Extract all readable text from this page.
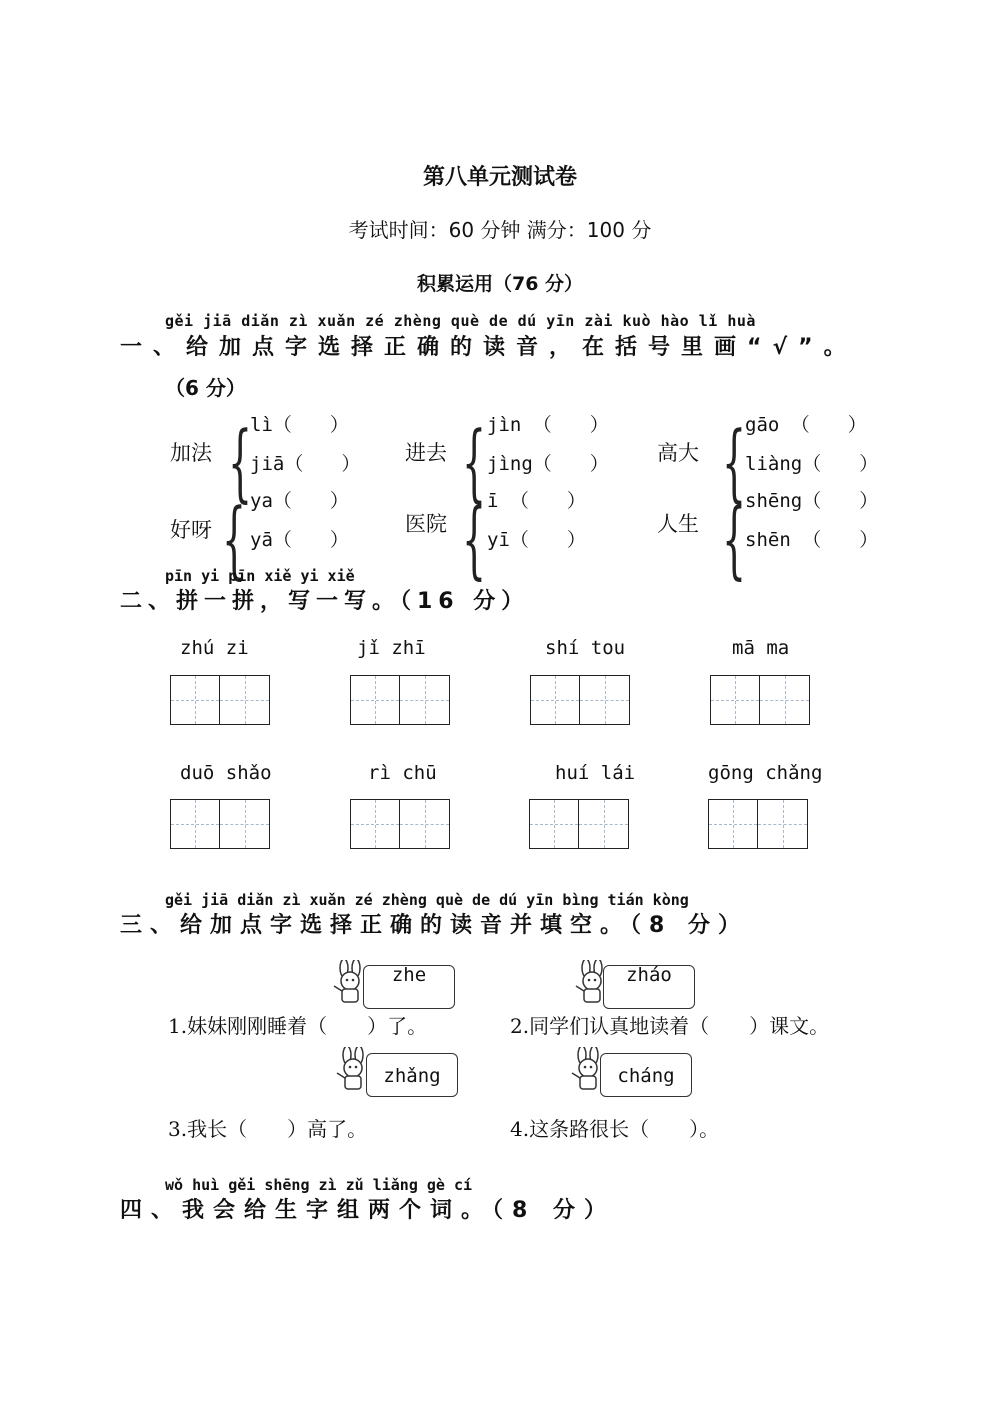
第八单元测试卷
考试时间：60 分钟 满分：100 分
积累运用（76 分）
gěi jiā diǎn zì xuǎn zé zhèng què de dú yīn zài kuò hào lǐ huà
一、给加点字选择正确的读音，在括号里画“√”。
（6 分）
加法
好呀
{
{
lì（　　）
jiā（　　）
ya（　　）
yā（　　）
进去
医院
{
{
jìn （　　）
jìng（　　）
ī （　　）
yī（　　）
高大
人生
{
{
gāo （　　）
liàng（　　）
shēng（　　）
shēn （　　）
pīn yi pīn xiě yi xiě
二、拼一拼，写一写。（16 分）
zhú zi	jǐ zhī	shí tou	mā ma
duō shǎo	rì chū	huí lái	gōng chǎng
gěi jiā diǎn zì xuǎn zé zhèng què de dú yīn bìng tián kòng
三、给加点字选择正确的读音并填空。（8 分）
zhe	zháo
1.妹妹刚刚睡着（　　）了。	2.同学们认真地读着（　　）课文。
zhǎng	cháng
3.我长（　　）高了。	4.这条路很长（　　）。
wǒ huì gěi shēng zì zǔ liǎng gè cí
四、我会给生字组两个词。（8 分）
